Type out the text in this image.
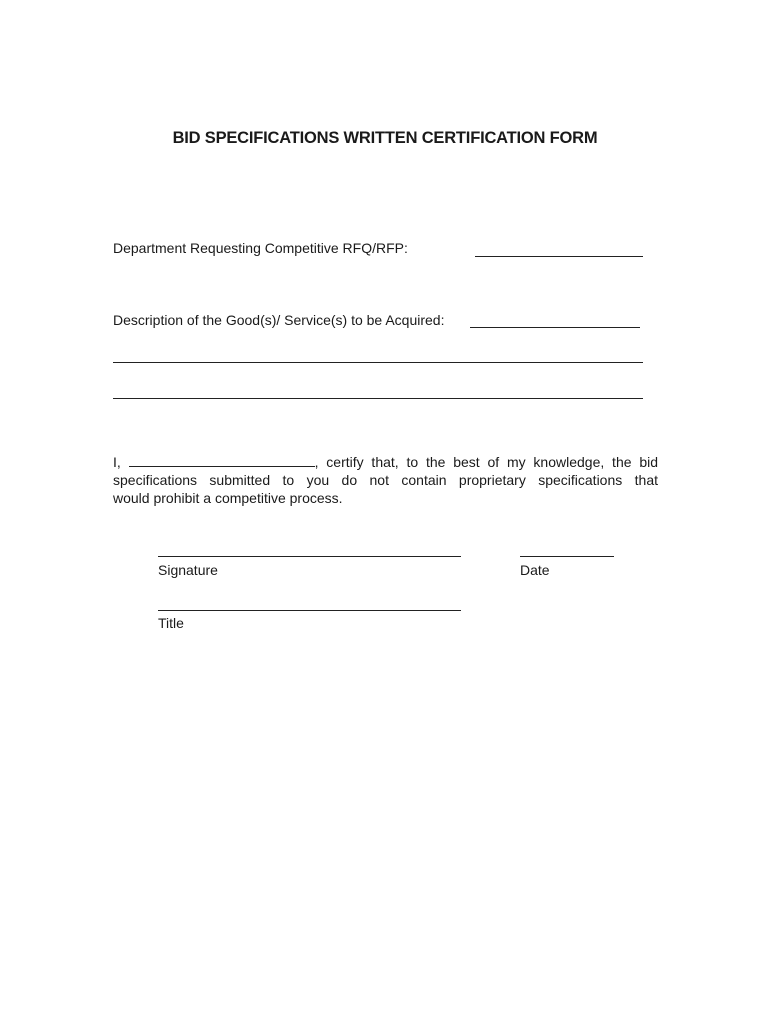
BID SPECIFICATIONS WRITTEN CERTIFICATION FORM
Department Requesting Competitive RFQ/RFP:
Description of the Good(s)/ Service(s) to be Acquired:
I,	, certify that, to the best of my knowledge, the bid
specifications submitted to you do not contain proprietary specifications that
would prohibit a competitive process.
Signature	Date
Title
